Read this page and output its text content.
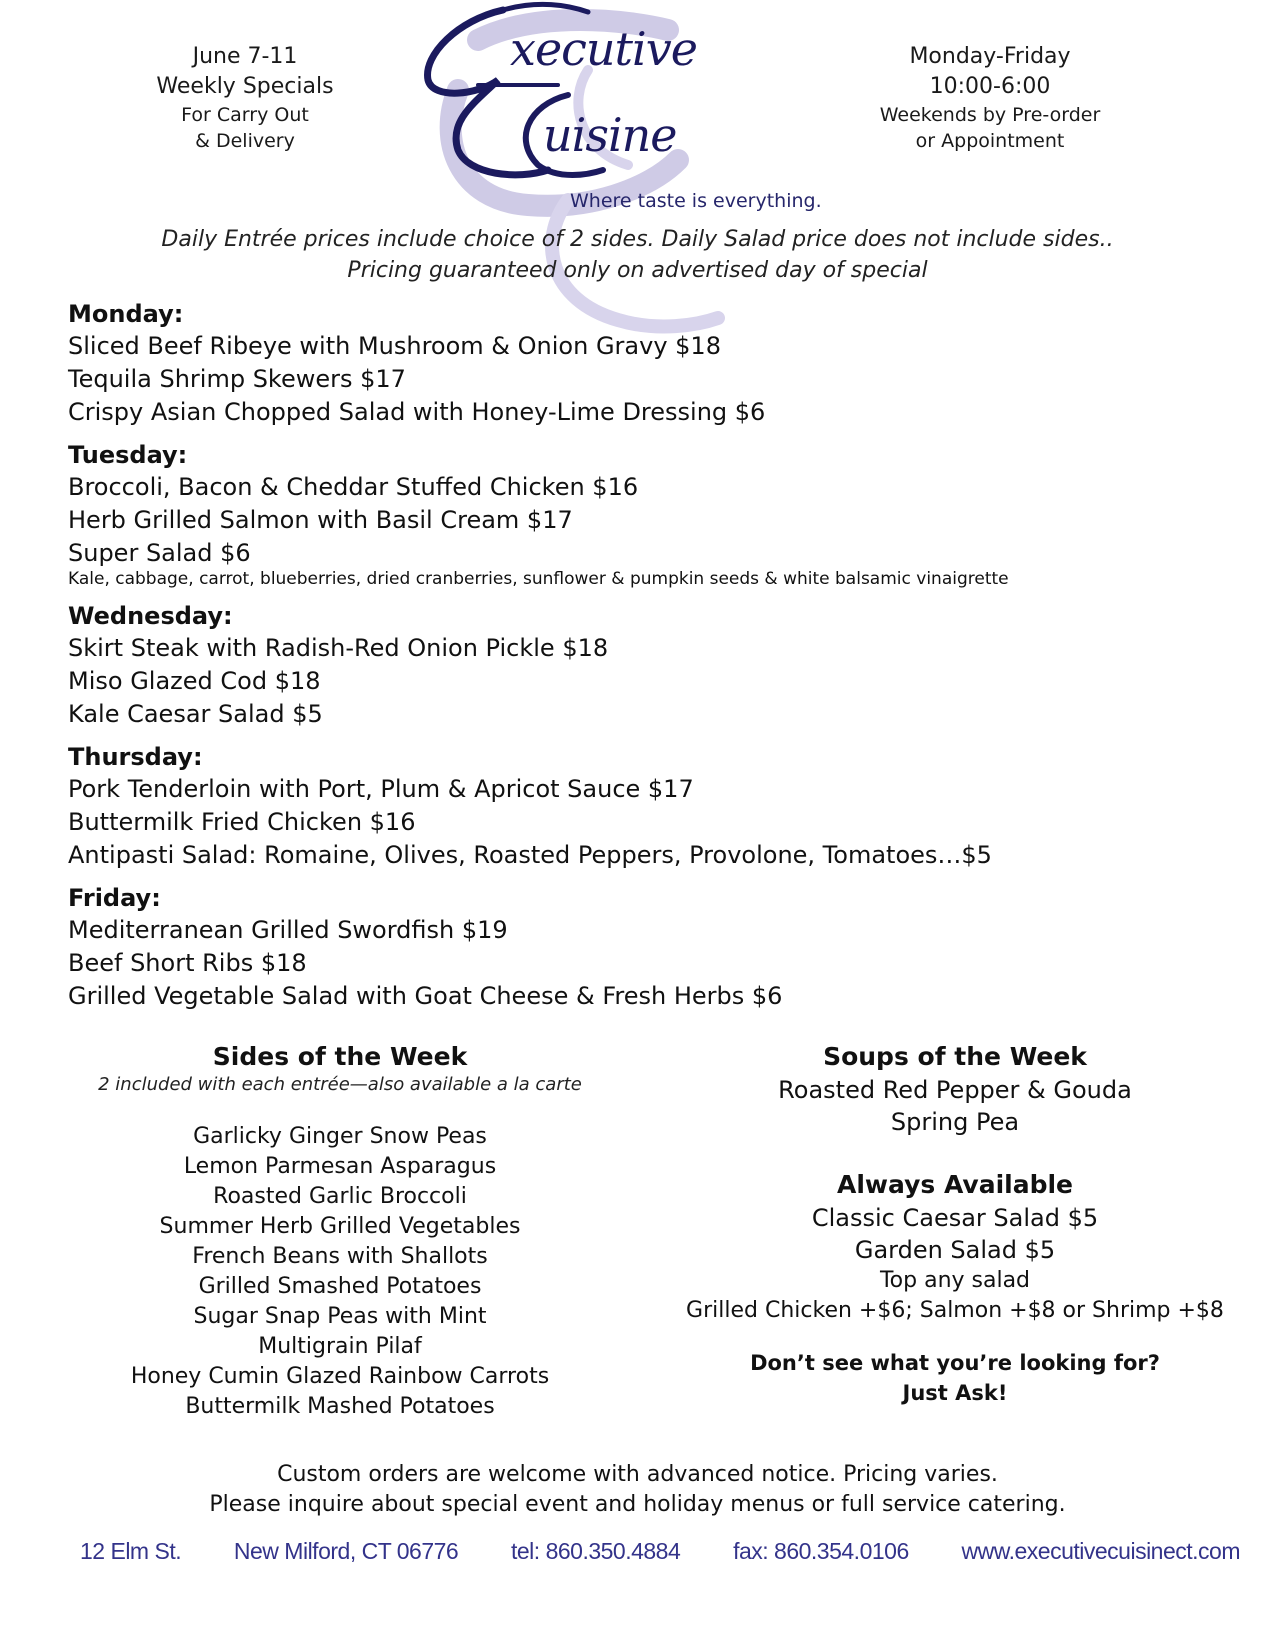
June 7-11
Weekly Specials
For Carry Out
& Delivery
xecutive
uisine
Where taste is everything.
Monday-Friday
10:00-6:00
Weekends by Pre-order
or Appointment
Daily Entrée prices include choice of 2 sides. Daily Salad price does not include sides..
Pricing guaranteed only on advertised day of special
Monday:
Sliced Beef Ribeye with Mushroom & Onion Gravy $18
Tequila Shrimp Skewers $17
Crispy Asian Chopped Salad with Honey-Lime Dressing $6
Tuesday:
Broccoli, Bacon & Cheddar Stuffed Chicken $16
Herb Grilled Salmon with Basil Cream $17
Super Salad $6
Kale, cabbage, carrot, blueberries, dried cranberries, sunflower & pumpkin seeds & white balsamic vinaigrette
Wednesday:
Skirt Steak with Radish-Red Onion Pickle $18
Miso Glazed Cod $18
Kale Caesar Salad $5
Thursday:
Pork Tenderloin with Port, Plum & Apricot Sauce $17
Buttermilk Fried Chicken $16
Antipasti Salad: Romaine, Olives, Roasted Peppers, Provolone, Tomatoes…$5
Friday:
Mediterranean Grilled Swordfish $19
Beef Short Ribs $18
Grilled Vegetable Salad with Goat Cheese & Fresh Herbs $6
Sides of the Week
2 included with each entrée—also available a la carte
Garlicky Ginger Snow Peas
Lemon Parmesan Asparagus
Roasted Garlic Broccoli
Summer Herb Grilled Vegetables
French Beans with Shallots
Grilled Smashed Potatoes
Sugar Snap Peas with Mint
Multigrain Pilaf
Honey Cumin Glazed Rainbow Carrots
Buttermilk Mashed Potatoes
Soups of the Week
Roasted Red Pepper & Gouda
Spring Pea
Always Available
Classic Caesar Salad $5
Garden Salad $5
Top any salad
Grilled Chicken +$6; Salmon +$8 or Shrimp +$8
Don’t see what you’re looking for?
Just Ask!
Custom orders are welcome with advanced notice. Pricing varies.
Please inquire about special event and holiday menus or full service catering.
12 Elm St. New Milford, CT 06776 tel: 860.350.4884 fax: 860.354.0106 www.executivecuisinect.com
